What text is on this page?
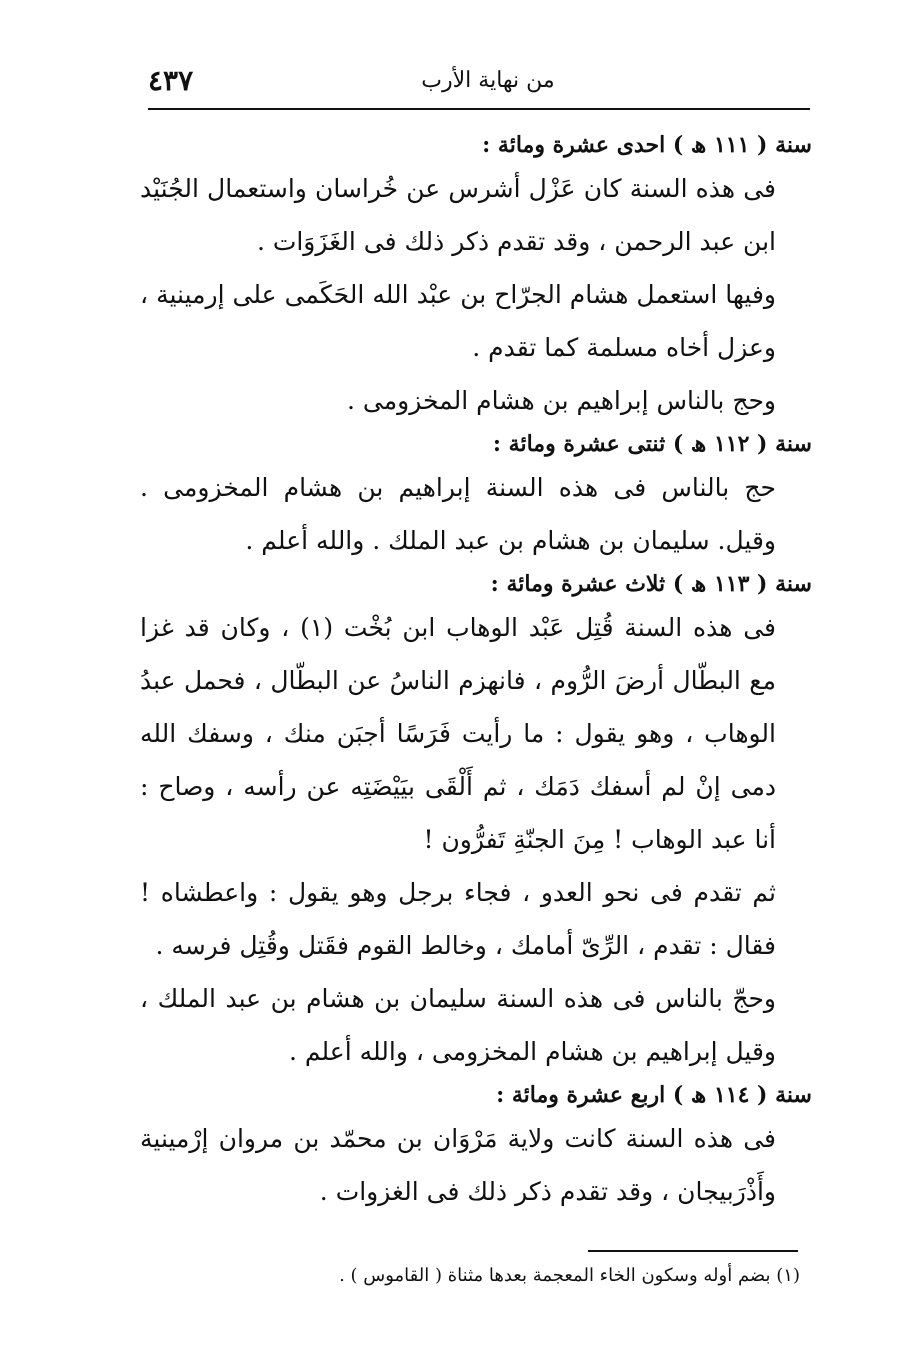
٤٣٧	من نهاية الأرب

سنة ( ١١١ ھ ) احدى عشرة ومائة :

فى هذه السنة كان عَزْل أشرس عن خُراسان واستعمال الجُنَيْد ابن عبد الرحمن ، وقد تقدم ذكر ذلك فى الغَزَوَات .

وفيها استعمل هشام الجرّاح بن عبْد الله الحَكَمى على إرمينية ، وعزل أخاه مسلمة كما تقدم .

وحج بالناس إبراهيم بن هشام المخزومى .

سنة ( ١١٢ ھ ) ثنتى عشرة ومائة :

حج بالناس فى هذه السنة إبراهيم بن هشام المخزومى . وقيل. سليمان بن هشام بن عبد الملك . والله أعلم .

سنة ( ١١٣ ھ ) ثلاث عشرة ومائة :

فى هذه السنة قُتِل عَبْد الوهاب ابن بُخْت (١) ، وكان قد غزا مع البطّال أرضَ الرُّوم ، فانهزم الناسُ عن البطّال ، فحمل عبدُ الوهاب ، وهو يقول : ما رأيت فَرَسًا أجبَن منك ، وسفك الله دمى إنْ لم أسفك دَمَك ، ثم أَلْقَى بيَيْضَتِه عن رأسه ، وصاح : أنا عبد الوهاب ! مِنَ الجنّةِ تَفرُّون !

ثم تقدم فى نحو العدو ، فجاء برجل وهو يقول : واعطشاه ! فقال : تقدم ، الرِّىّ أمامك ، وخالط القوم فقَتل وقُتِل فرسه .

وحجّ بالناس فى هذه السنة سليمان بن هشام بن عبد الملك ، وقيل إبراهيم بن هشام المخزومى ، والله أعلم .

سنة ( ١١٤ ھ ) اربع عشرة ومائة :

فى هذه السنة كانت ولاية مَرْوَان بن محمّد بن مروان إرْمينية وأَذْرَبيجان ، وقد تقدم ذكر ذلك فى الغزوات .

(١) بضم أوله وسكون الخاء المعجمة بعدها مثناة ( القاموس ) .
